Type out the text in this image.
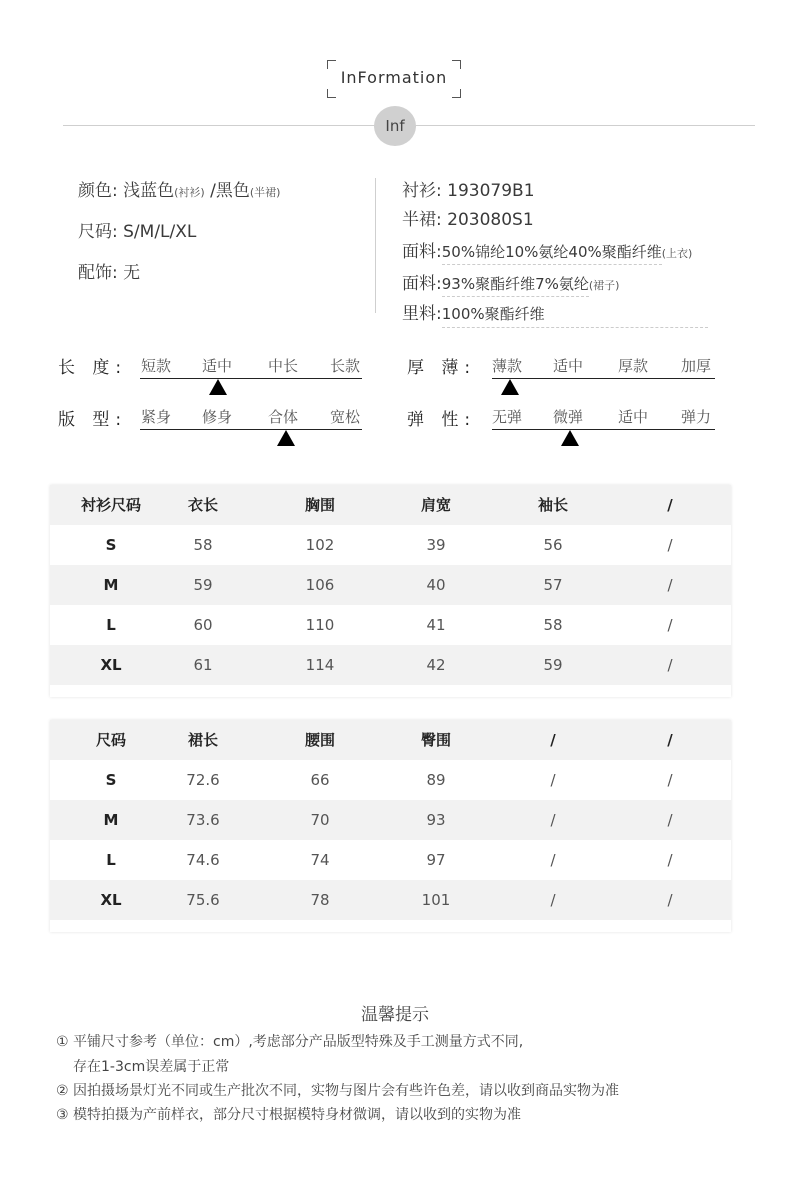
InFormation
Inf
颜色: 浅蓝色(衬衫) /黑色(半裙)
尺码: S/M/L/XL
配饰: 无
衬衫: 193079B1
半裙: 203080S1
面料:50%锦纶10%氨纶40%聚酯纤维(上衣)
面料:93%聚酯纤维7%氨纶(裙子)
里料:100%聚酯纤维
长 度: 短款 适中 中长 长款	厚 薄: 薄款 适中 厚款 加厚
版 型: 紧身 修身 合体 宽松	弹 性: 无弹 微弹 适中 弹力
衬衫尺码	衣长	胸围	肩宽	袖长	/
S	58	102	39	56	/
M	59	106	40	57	/
L	60	110	41	58	/
XL	61	114	42	59	/
尺码	裙长	腰围	臀围	/	/
S	72.6	66	89	/	/
M	73.6	70	93	/	/
L	74.6	74	97	/	/
XL	75.6	78	101	/	/
温馨提示
① 平铺尺寸参考（单位：cm）,考虑部分产品版型特殊及手工测量方式不同,
存在1-3cm误差属于正常
② 因拍摄场景灯光不同或生产批次不同，实物与图片会有些许色差，请以收到商品实物为准
③ 模特拍摄为产前样衣，部分尺寸根据模特身材微调，请以收到的实物为准
